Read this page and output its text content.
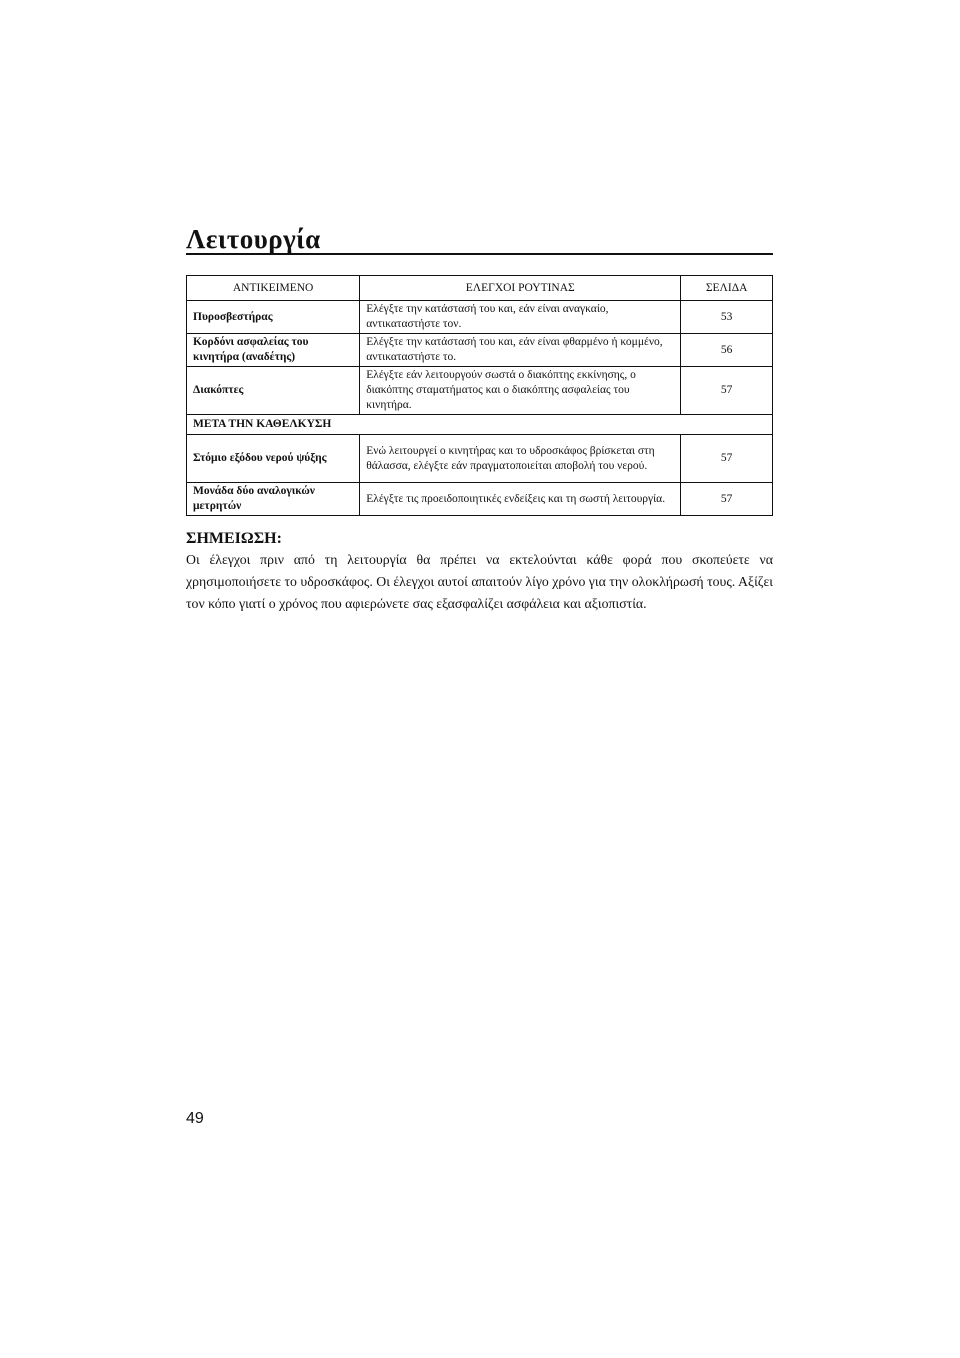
Λειτουργία
ΑΝΤΙΚΕΙΜΕΝΟ	ΕΛΕΓΧΟΙ ΡΟΥΤΙΝΑΣ	ΣΕΛΙΔΑ
Πυροσβεστήρας	Ελέγξτε την κατάστασή του και, εάν είναι αναγκαίο, αντικαταστήστε τον.	53
Κορδόνι ασφαλείας του κινητήρα (αναδέτης)	Ελέγξτε την κατάστασή του και, εάν είναι φθαρμένο ή κομμένο, αντικαταστήστε το.	56
Διακόπτες	Ελέγξτε εάν λειτουργούν σωστά ο διακόπτης εκκίνησης, ο διακόπτης σταματήματος και ο διακόπτης ασφαλείας του κινητήρα.	57
ΜΕΤΑ ΤΗΝ ΚΑΘΕΛΚΥΣΗ		
Στόμιο εξόδου νερού ψύξης	Ενώ λειτουργεί ο κινητήρας και το υδροσκάφος βρίσκεται στη θάλασσα, ελέγξτε εάν πραγματοποιείται αποβολή του νερού.	57
Μονάδα δύο αναλογικών μετρητών	Ελέγξτε τις προειδοποιητικές ενδείξεις και τη σωστή λειτουργία.	57
ΣΗΜΕΙΩΣΗ:
Οι έλεγχοι πριν από τη λειτουργία θα πρέπει να εκτελούνται κάθε φορά που σκοπεύετε να χρησιμοποιήσετε το υδροσκάφος. Οι έλεγχοι αυτοί απαιτούν λίγο χρόνο για την ολοκλήρωσή τους. Αξίζει τον κόπο γιατί ο χρόνος που αφιερώνετε σας εξασφαλίζει ασφάλεια και αξιοπιστία.
49
